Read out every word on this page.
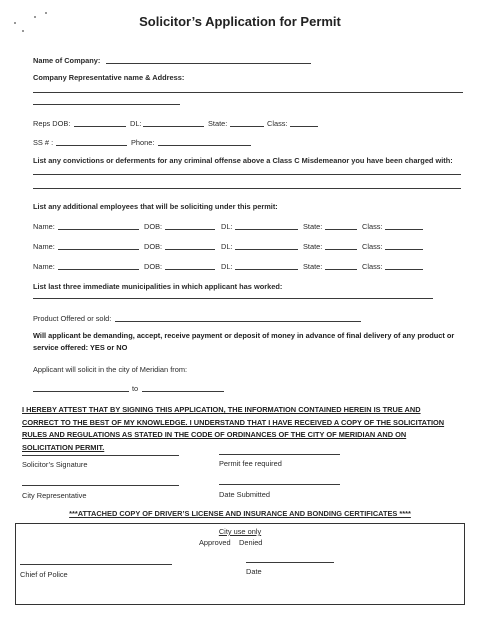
Solicitor’s Application for Permit
Name of Company:
Company Representative name & Address:
Reps DOB:	DL:	State:	Class:
SS # :	Phone:
List any convictions or deferments for any criminal offense above a Class C Misdemeanor you have been charged with:
List any additional employees that will be soliciting under this permit:
Name:	DOB:	DL:	State:	Class:
Name:	DOB:	DL:	State:	Class:
Name:	DOB:	DL:	State:	Class:
List last three immediate municipalities in which applicant has worked:
Product Offered or sold:
Will applicant be demanding, accept, receive payment or deposit of money in advance of final delivery of any product or service offered: YES or NO
Applicant will solicit in the city of Meridian from:
to
I HEREBY ATTEST THAT BY SIGNING THIS APPLICATION, THE INFORMATION CONTAINED HEREIN IS TRUE AND CORRECT TO THE BEST OF MY KNOWLEDGE. I UNDERSTAND THAT I HAVE RECEIVED A COPY OF THE SOLICITATION RULES AND REGULATIONS AS STATED IN THE CODE OF ORDINANCES OF THE CITY OF MERIDIAN AND ON SOLICITATION PERMIT.
Solicitor’s Signature	Permit fee required
City Representative	Date Submitted
***ATTACHED COPY OF DRIVER’S LICENSE AND INSURANCE AND BONDING CERTIFICATES ****
City use only
Approved Denied
Chief of Police	Date
